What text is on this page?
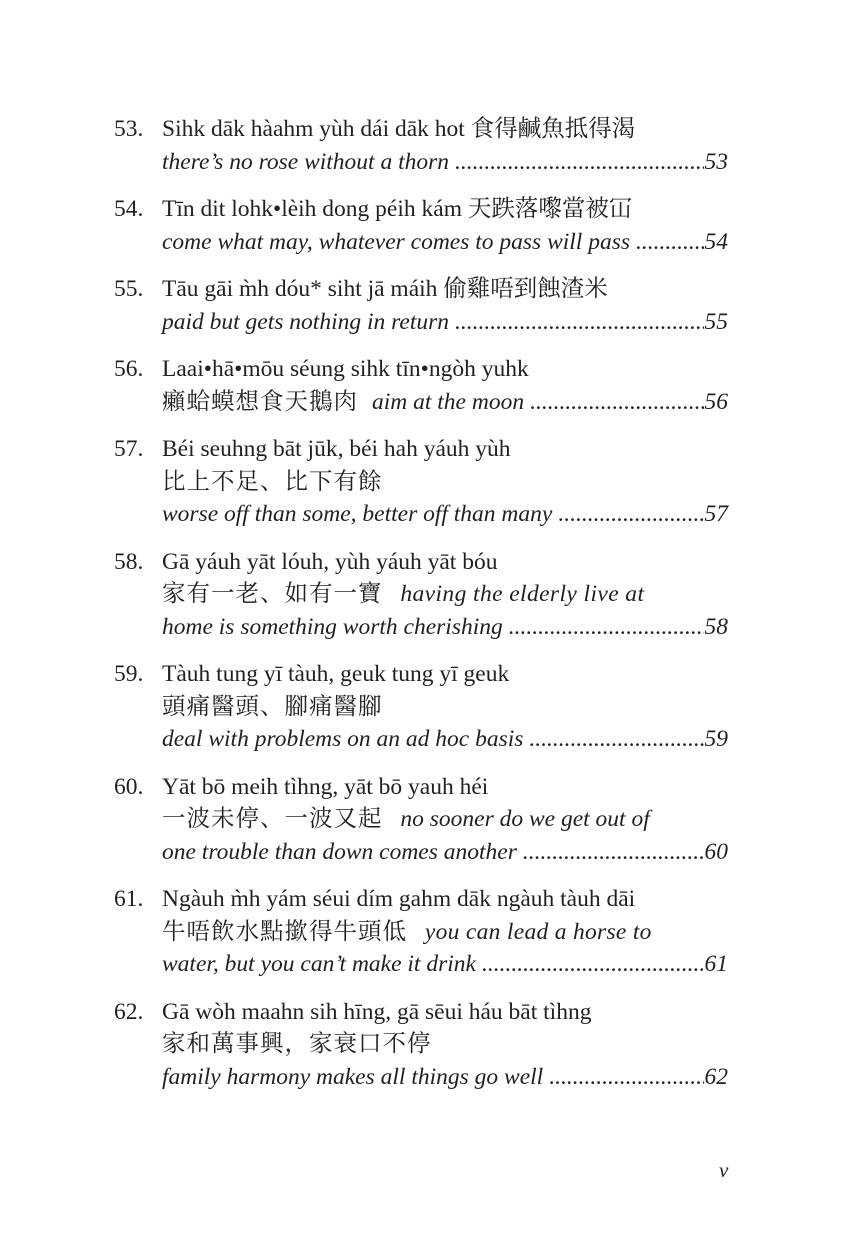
53. Sihk dāk hàahm yùh dái dāk hot 食得鹹魚抵得渴
there’s no rose without a thorn .....	53
54. Tīn dit lohk•lèih dong péih kám 天跌落嚟當被冚
come what may, whatever comes to pass will pass .....	54
55. Tāu gāi m̀h dóu* siht jā máih 偷雞唔到蝕渣米
paid but gets nothing in return .....	55
56. Laai•hā•mōu séung sihk tīn•ngòh yuhk
癩蛤蟆想食天鵝肉 aim at the moon .....	56
57. Béi seuhng bāt jūk, béi hah yáuh yùh
比上不足、比下有餘
worse off than some, better off than many .....	57
58. Gā yáuh yāt lóuh, yùh yáuh yāt bóu
家有一老、如有一寶 having the elderly live at
home is something worth cherishing .....	58
59. Tàuh tung yī tàuh, geuk tung yī geuk
頭痛醫頭、腳痛醫腳
deal with problems on an ad hoc basis .....	59
60. Yāt bō meih tìhng, yāt bō yauh héi
一波未停、一波又起 no sooner do we get out of
one trouble than down comes another .....	60
61. Ngàuh m̀h yám séui dím gahm dāk ngàuh tàuh dāi
牛唔飲水點撳得牛頭低 you can lead a horse to
water, but you can’t make it drink .....	61
62. Gā wòh maahn sih hīng, gā sēui háu bāt tìhng
家和萬事興，家衰口不停
family harmony makes all things go well .....	62
v
